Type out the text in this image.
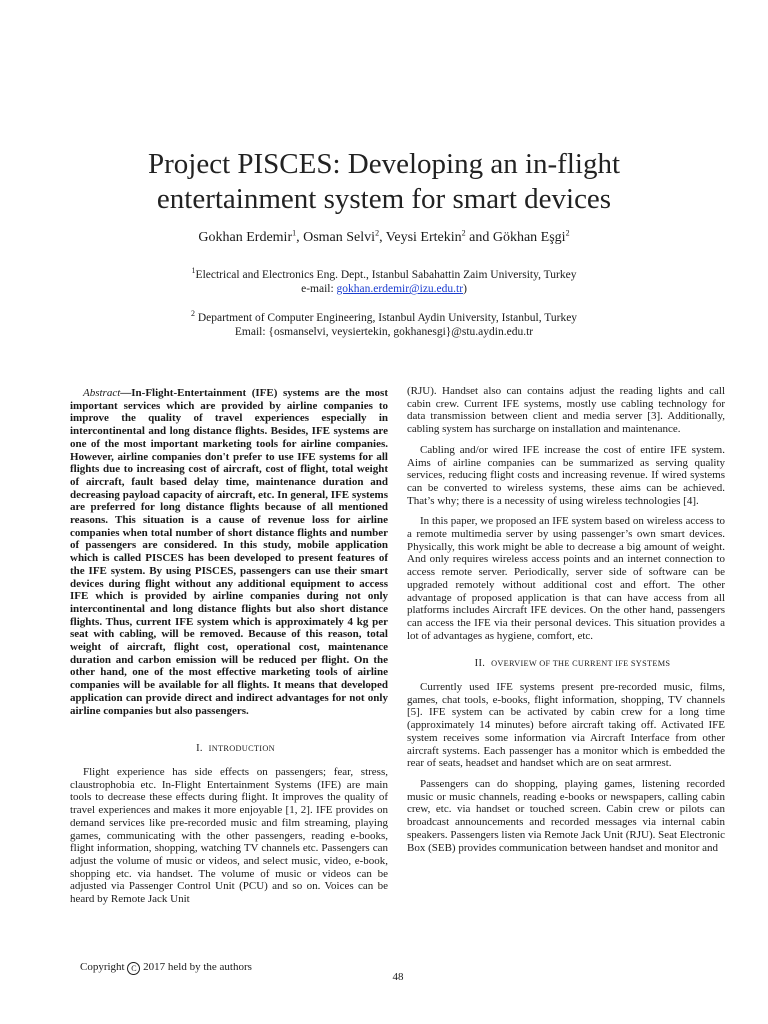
Project PISCES: Developing an in-flight
entertainment system for smart devices
Gokhan Erdemir$^1$, Osman Selvi$^2$, Veysi Ertekin$^2$ and Gökhan Eşgi$^2$
$^1$Electrical and Electronics Eng. Dept., Istanbul Sabahattin Zaim University, Turkey
e-mail: gokhan.erdemir@izu.edu.tr)
$^2$ Department of Computer Engineering, Istanbul Aydin University, Istanbul, Turkey
Email: {osmanselvi, veysiertekin, gokhanesgi}@stu.aydin.edu.tr

Abstract—In-Flight-Entertainment (IFE) systems are the most important services which are provided by airline companies to improve the quality of travel experiences especially in intercontinental and long distance flights. Besides, IFE systems are one of the most important marketing tools for airline companies. However, airline companies don't prefer to use IFE systems for all flights due to increasing cost of aircraft, cost of flight, total weight of aircraft, fault based delay time, maintenance duration and decreasing payload capacity of aircraft, etc. In general, IFE systems are preferred for long distance flights because of all mentioned reasons. This situation is a cause of revenue loss for airline companies when total number of short distance flights and number of passengers are considered. In this study, mobile application which is called PISCES has been developed to present features of the IFE system. By using PISCES, passengers can use their smart devices during flight without any additional equipment to access IFE which is provided by airline companies during not only intercontinental and long distance flights but also short distance flights. Thus, current IFE system which is approximately 4 kg per seat with cabling, will be removed. Because of this reason, total weight of aircraft, flight cost, operational cost, maintenance duration and carbon emission will be reduced per flight. On the other hand, one of the most effective marketing tools of airline companies will be available for all flights. It means that developed application can provide direct and indirect advantages for not only airline companies but also passengers.

I. INTRODUCTION

Flight experience has side effects on passengers; fear, stress, claustrophobia etc. In-Flight Entertainment Systems (IFE) are main tools to decrease these effects during flight. It improves the quality of travel experiences and makes it more enjoyable [1, 2]. IFE provides on demand services like pre-recorded music and film streaming, playing games, communicating with the other passengers, reading e-books, flight information, shopping, watching TV channels etc. Passengers can adjust the volume of music or videos, and select music, video, e-book, shopping etc. via handset. The volume of music or videos can be adjusted via Passenger Control Unit (PCU) and so on. Voices can be heard by Remote Jack Unit

(RJU). Handset also can contains adjust the reading lights and call cabin crew. Current IFE systems, mostly use cabling technology for data transmission between client and media server [3]. Additionally, cabling system has surcharge on installation and maintenance.

Cabling and/or wired IFE increase the cost of entire IFE system. Aims of airline companies can be summarized as serving quality services, reducing flight costs and increasing revenue. If wired systems can be converted to wireless systems, these aims can be achieved. That’s why; there is a necessity of using wireless technologies [4].

In this paper, we proposed an IFE system based on wireless access to a remote multimedia server by using passenger’s own smart devices. Physically, this work might be able to decrease a big amount of weight. And only requires wireless access points and an internet connection to access remote server. Periodically, server side of software can be upgraded remotely without additional cost and effort. The other advantage of proposed application is that can have access from all platforms includes Aircraft IFE devices. On the other hand, passengers can access the IFE via their personal devices. This situation provides a lot of advantages as hygiene, comfort, etc.

II. OVERVIEW OF THE CURRENT IFE SYSTEMS

Currently used IFE systems present pre-recorded music, films, games, chat tools, e-books, flight information, shopping, TV channels [5]. IFE system can be activated by cabin crew for a long time (approximately 14 minutes) before aircraft taking off. Activated IFE system receives some information via Aircraft Interface from other aircraft systems. Each passenger has a monitor which is embedded the rear of seats, headset and handset which are on seat armrest.

Passengers can do shopping, playing games, listening recorded music or music channels, reading e-books or newspapers, calling cabin crew, etc. via handset or touched screen. Cabin crew or pilots can broadcast announcements and recorded messages via internal cabin speakers. Passengers listen via Remote Jack Unit (RJU). Seat Electronic Box (SEB) provides communication between handset and monitor and

Copyright C 2017 held by the authors
48
